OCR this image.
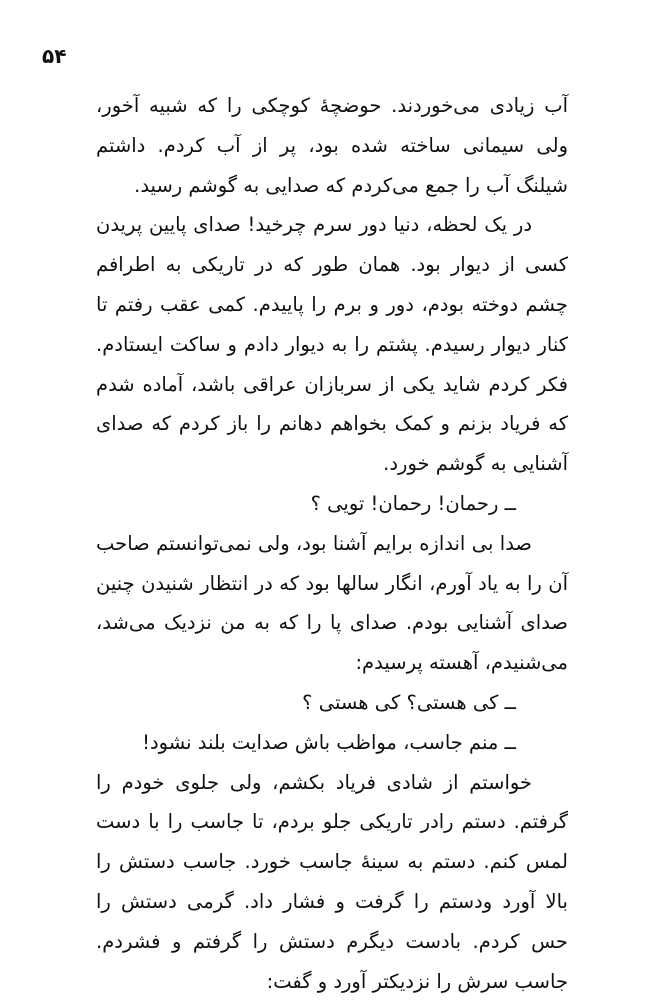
۵۴

آب زیادی می‌خوردند. حوضچهٔ کوچکی را که شبیه آخور، ولی سیمانی ساخته شده بود، پر از آب کردم. داشتم شیلنگ آب را جمع می‌کردم که صدایی به گوشم رسید.

در یک لحظه، دنیا دور سرم چرخید! صدای پایین پریدن کسی از دیوار بود. همان طور که در تاریکی به اطرافم چشم دوخته بودم، دور و برم را پاییدم. کمی عقب رفتم تا کنار دیوار رسیدم. پشتم را به دیوار دادم و ساکت ایستادم. فکر کردم شاید یکی از سربازان عراقی باشد، آماده شدم که فریاد بزنم و کمک بخواهم دهانم را باز کردم که صدای آشنایی به گوشم خورد.

ــ رحمان! رحمان! تویی ؟

صدا بی اندازه برایم آشنا بود، ولی نمی‌توانستم صاحب آن را به یاد آورم، انگار سالها بود که در انتظار شنیدن چنین صدای آشنایی بودم. صدای پا را که به من نزدیک می‌شد، می‌شنیدم، آهسته پرسیدم:

ــ کی هستی؟ کی هستی ؟

ــ منم جاسب، مواظب باش صدایت بلند نشود!

خواستم از شادی فریاد بکشم، ولی جلوی خودم را گرفتم. دستم رادر تاریکی جلو بردم، تا جاسب را با دست لمس کنم. دستم به سینهٔ جاسب خورد. جاسب دستش را بالا آورد ودستم را گرفت و فشار داد. گرمی دستش را حس کردم. بادست دیگرم دستش را گرفتم و فشردم. جاسب سرش را نزدیکتر آورد و گفت:
